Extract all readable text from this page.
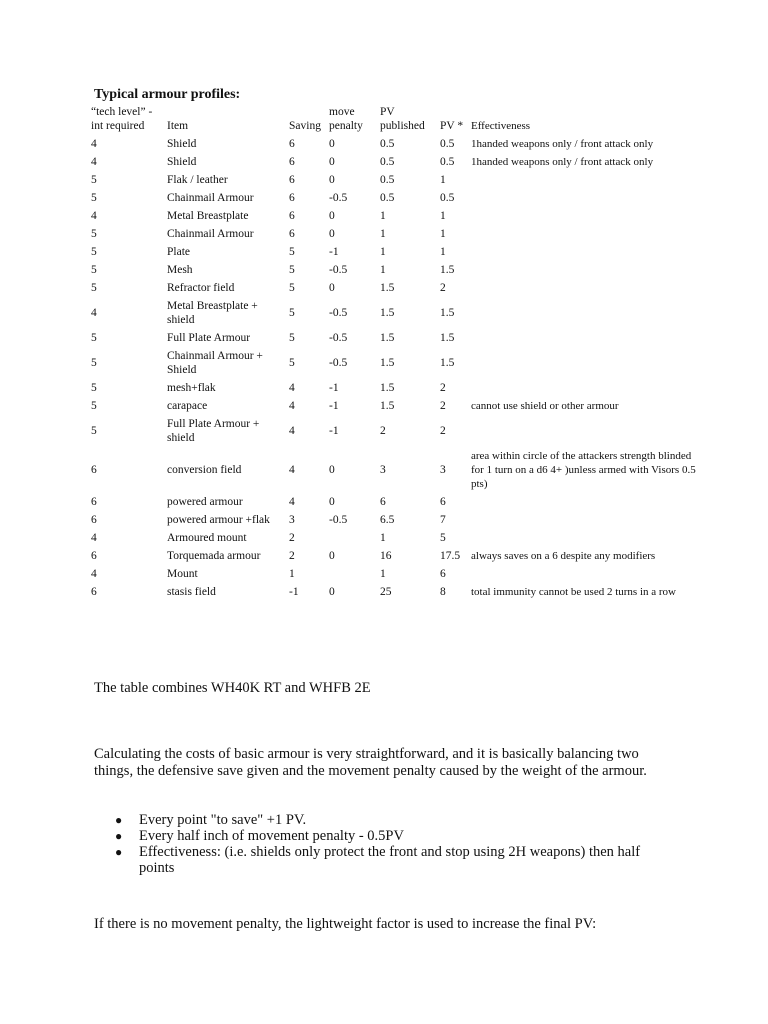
Typical armour profiles:
“tech level” - int required	Item	Saving	move penalty	PV published	PV *	Effectiveness
4	Shield	6	0	0.5	0.5	1handed weapons only / front attack only
4	Shield	6	0	0.5	0.5	1handed weapons only / front attack only
5	Flak / leather	6	0	0.5	1	
5	Chainmail Armour	6	-0.5	0.5	0.5	
4	Metal Breastplate	6	0	1	1	
5	Chainmail Armour	6	0	1	1	
5	Plate	5	-1	1	1	
5	Mesh	5	-0.5	1	1.5	
5	Refractor field	5	0	1.5	2	
4	Metal Breastplate + shield	5	-0.5	1.5	1.5	
5	Full Plate Armour	5	-0.5	1.5	1.5	
5	Chainmail Armour + Shield	5	-0.5	1.5	1.5	
5	mesh+flak	4	-1	1.5	2	
5	carapace	4	-1	1.5	2	cannot use shield or other armour
5	Full Plate Armour + shield	4	-1	2	2	
6	conversion field	4	0	3	3	area within circle of the attackers strength blinded for 1 turn on a d6 4+ )unless armed with Visors 0.5 pts)
6	powered armour	4	0	6	6	
6	powered armour +flak	3	-0.5	6.5	7	
4	Armoured mount	2		1	5	
6	Torquemada armour	2	0	16	17.5	always saves on a 6 despite any modifiers
4	Mount	1		1	6	
6	stasis field	-1	0	25	8	total immunity cannot be used 2 turns in a row

The table combines WH40K RT and WHFB 2E

Calculating the costs of basic armour is very straightforward, and it is basically balancing two things, the defensive save given and the movement penalty caused by the weight of the armour.

● Every point "to save" +1 PV.
● Every half inch of movement penalty - 0.5PV
● Effectiveness: (i.e. shields only protect the front and stop using 2H weapons) then half points

If there is no movement penalty, the lightweight factor is used to increase the final PV:
